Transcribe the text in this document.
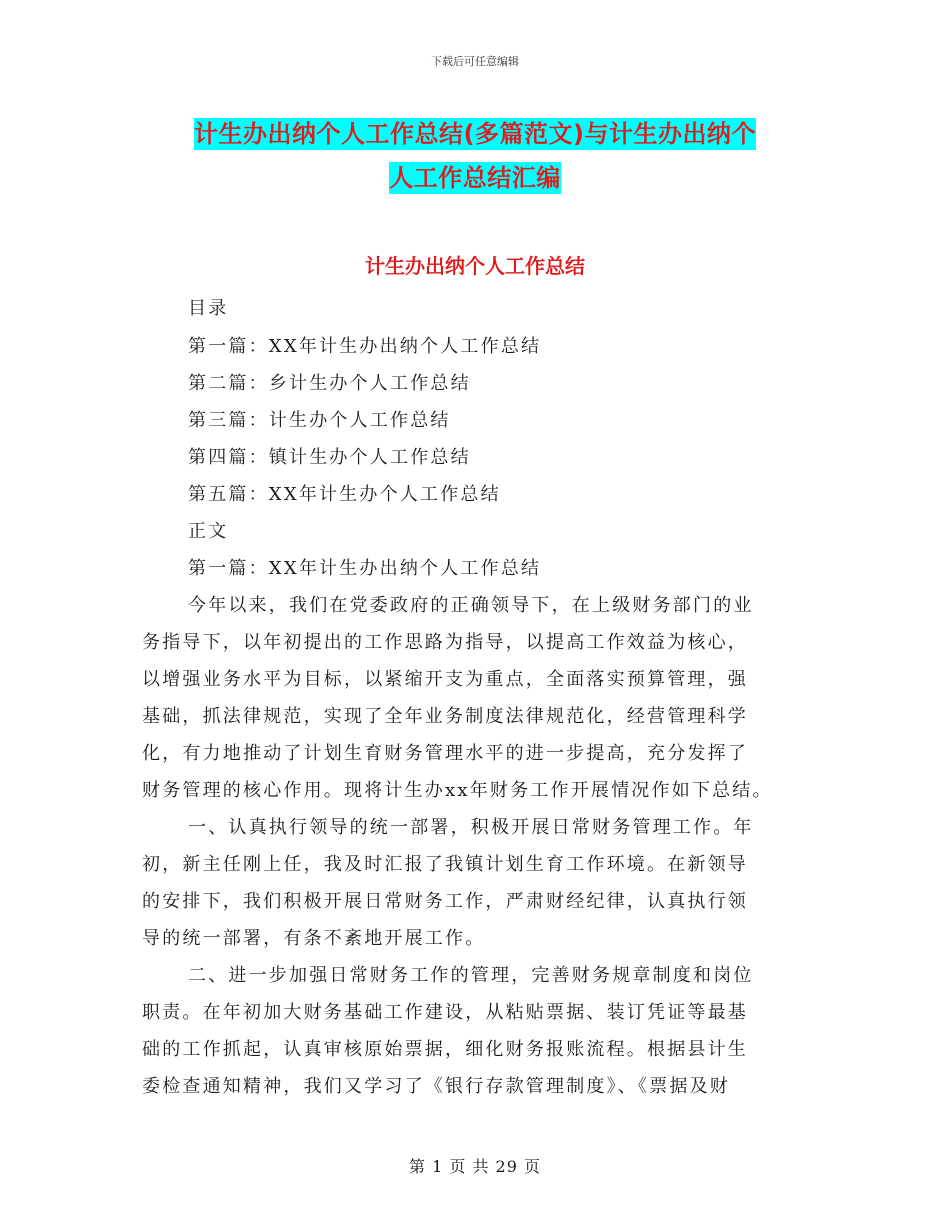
下载后可任意编辑
计生办出纳个人工作总结(多篇范文)与计生办出纳个
人工作总结汇编
计生办出纳个人工作总结
目录
第一篇：XX年计生办出纳个人工作总结
第二篇：乡计生办个人工作总结
第三篇：计生办个人工作总结
第四篇：镇计生办个人工作总结
第五篇：XX年计生办个人工作总结
正文
第一篇：XX年计生办出纳个人工作总结
今年以来，我们在党委政府的正确领导下，在上级财务部门的业
务指导下，以年初提出的工作思路为指导，以提高工作效益为核心，
以增强业务水平为目标，以紧缩开支为重点，全面落实预算管理，强
基础，抓法律规范，实现了全年业务制度法律规范化，经营管理科学
化，有力地推动了计划生育财务管理水平的进一步提高，充分发挥了
财务管理的核心作用。现将计生办xx年财务工作开展情况作如下总结。
一、认真执行领导的统一部署，积极开展日常财务管理工作。年
初，新主任刚上任，我及时汇报了我镇计划生育工作环境。在新领导
的安排下，我们积极开展日常财务工作，严肃财经纪律，认真执行领
导的统一部署，有条不紊地开展工作。
二、进一步加强日常财务工作的管理，完善财务规章制度和岗位
职责。在年初加大财务基础工作建设，从粘贴票据、装订凭证等最基
础的工作抓起，认真审核原始票据，细化财务报账流程。根据县计生
委检查通知精神，我们又学习了《银行存款管理制度》、《票据及财
第 1 页 共 29 页
